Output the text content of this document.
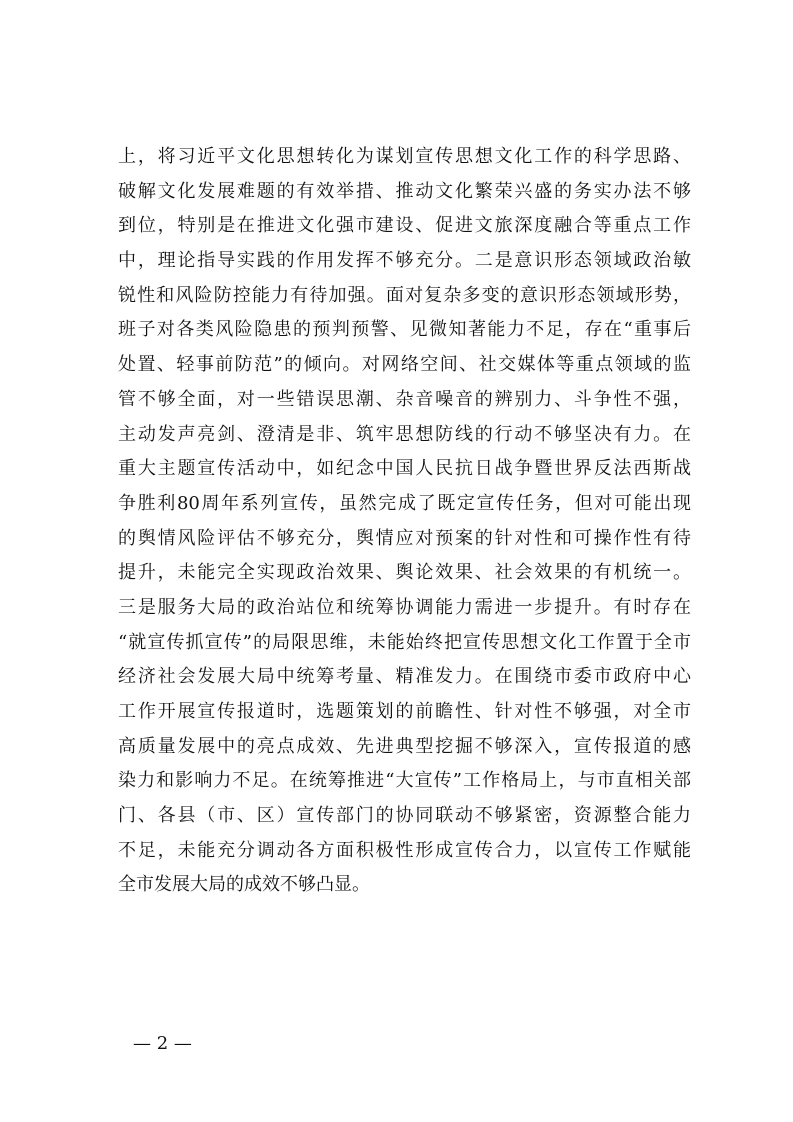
上，将习近平文化思想转化为谋划宣传思想文化工作的科学思路、
破解文化发展难题的有效举措、推动文化繁荣兴盛的务实办法不够
到位，特别是在推进文化强市建设、促进文旅深度融合等重点工作
中，理论指导实践的作用发挥不够充分。二是意识形态领域政治敏
锐性和风险防控能力有待加强。面对复杂多变的意识形态领域形势，
班子对各类风险隐患的预判预警、见微知著能力不足，存在“重事后
处置、轻事前防范”的倾向。对网络空间、社交媒体等重点领域的监
管不够全面，对一些错误思潮、杂音噪音的辨别力、斗争性不强，
主动发声亮剑、澄清是非、筑牢思想防线的行动不够坚决有力。在
重大主题宣传活动中，如纪念中国人民抗日战争暨世界反法西斯战
争胜利80周年系列宣传，虽然完成了既定宣传任务，但对可能出现
的舆情风险评估不够充分，舆情应对预案的针对性和可操作性有待
提升，未能完全实现政治效果、舆论效果、社会效果的有机统一。
三是服务大局的政治站位和统筹协调能力需进一步提升。有时存在
“就宣传抓宣传”的局限思维，未能始终把宣传思想文化工作置于全市
经济社会发展大局中统筹考量、精准发力。在围绕市委市政府中心
工作开展宣传报道时，选题策划的前瞻性、针对性不够强，对全市
高质量发展中的亮点成效、先进典型挖掘不够深入，宣传报道的感
染力和影响力不足。在统筹推进“大宣传”工作格局上，与市直相关部
门、各县（市、区）宣传部门的协同联动不够紧密，资源整合能力
不足，未能充分调动各方面积极性形成宣传合力，以宣传工作赋能
全市发展大局的成效不够凸显。
— 2 —
